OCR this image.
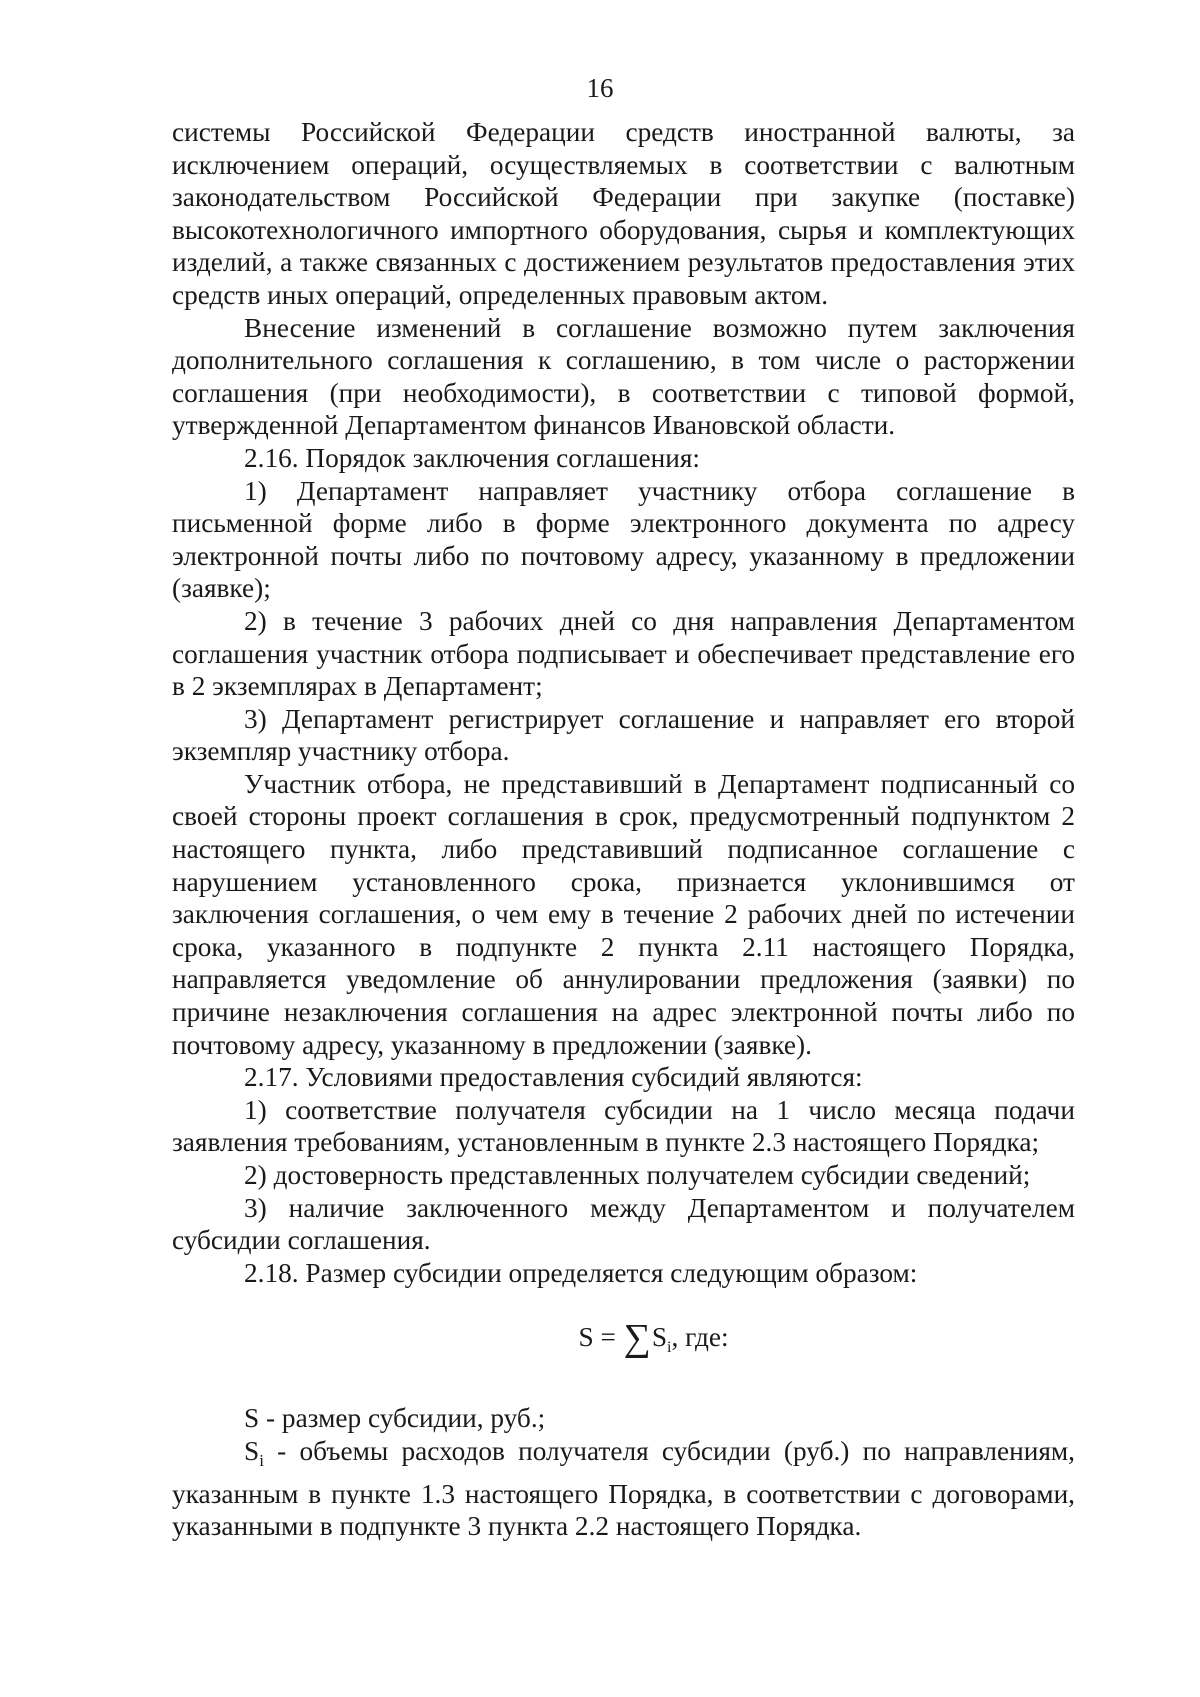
16

системы Российской Федерации средств иностранной валюты, за исключением операций, осуществляемых в соответствии с валютным законодательством Российской Федерации при закупке (поставке) высокотехнологичного импортного оборудования, сырья и комплектующих изделий, а также связанных с достижением результатов предоставления этих средств иных операций, определенных правовым актом.

Внесение изменений в соглашение возможно путем заключения дополнительного соглашения к соглашению, в том числе о расторжении соглашения (при необходимости), в соответствии с типовой формой, утвержденной Департаментом финансов Ивановской области.

2.16. Порядок заключения соглашения:

1) Департамент направляет участнику отбора соглашение в письменной форме либо в форме электронного документа по адресу электронной почты либо по почтовому адресу, указанному в предложении (заявке);

2) в течение 3 рабочих дней со дня направления Департаментом соглашения участник отбора подписывает и обеспечивает представление его в 2 экземплярах в Департамент;

3) Департамент регистрирует соглашение и направляет его второй экземпляр участнику отбора.

Участник отбора, не представивший в Департамент подписанный со своей стороны проект соглашения в срок, предусмотренный подпунктом 2 настоящего пункта, либо представивший подписанное соглашение с нарушением установленного срока, признается уклонившимся от заключения соглашения, о чем ему в течение 2 рабочих дней по истечении срока, указанного в подпункте 2 пункта 2.11 настоящего Порядка, направляется уведомление об аннулировании предложения (заявки) по причине незаключения соглашения на адрес электронной почты либо по почтовому адресу, указанному в предложении (заявке).

2.17. Условиями предоставления субсидий являются:

1) соответствие получателя субсидии на 1 число месяца подачи заявления требованиям, установленным в пункте 2.3 настоящего Порядка;

2) достоверность представленных получателем субсидии сведений;

3) наличие заключенного между Департаментом и получателем субсидии соглашения.

2.18. Размер субсидии определяется следующим образом:

$S = \sum S_i$, где:

S - размер субсидии, руб.;

$S_i$ - объемы расходов получателя субсидии (руб.) по направлениям, указанным в пункте 1.3 настоящего Порядка, в соответствии с договорами, указанными в подпункте 3 пункта 2.2 настоящего Порядка.
